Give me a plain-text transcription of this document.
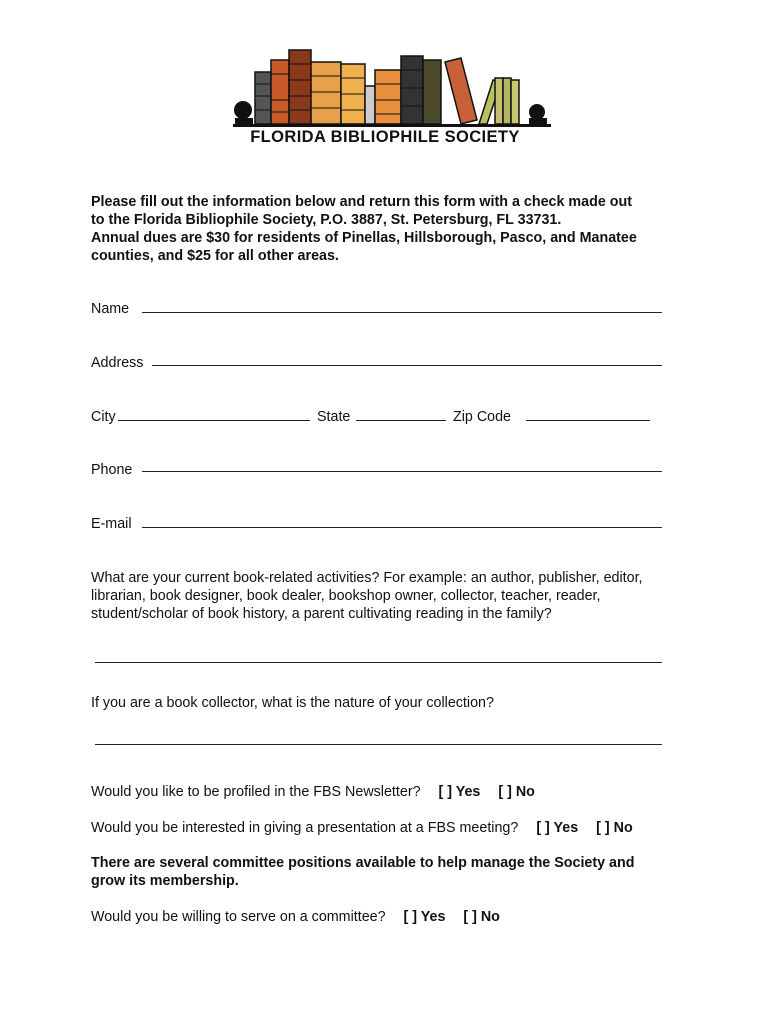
FLORIDA BIBLIOPHILE SOCIETY

Please fill out the information below and return this form with a check made out

to the Florida Bibliophile Society, P.O. 3887, St. Petersburg, FL 33731.

Annual dues are $30 for residents of Pinellas, Hillsborough, Pasco, and Manatee

counties, and $25 for all other areas.

Name
Address
City	State	Zip Code
Phone
E-mail
What are your current book-related activities? For example: an author, publisher, editor,
librarian, book designer, book dealer, bookshop owner, collector, teacher, reader,
student/scholar of book history, a parent cultivating reading in the family?
If you are a book collector, what is the nature of your collection?
Would you like to be profiled in the FBS Newsletter? [ ] Yes [ ] No
Would you be interested in giving a presentation at a FBS meeting? [ ] Yes [ ] No
There are several committee positions available to help manage the Society and
grow its membership.
Would you be willing to serve on a committee? [ ] Yes [ ] No
